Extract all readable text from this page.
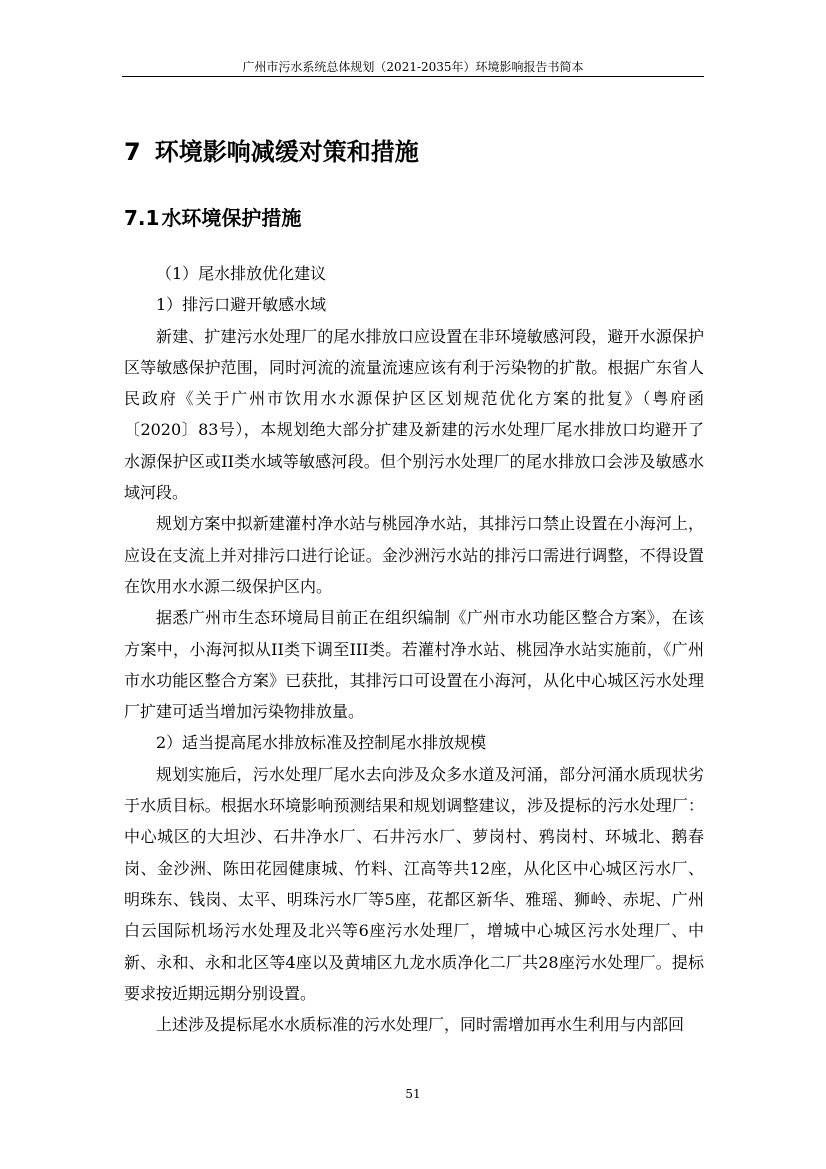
广州市污水系统总体规划（2021-2035年）环境影响报告书简本
7 环境影响减缓对策和措施
7.1 水环境保护措施

（1）尾水排放优化建议

1）排污口避开敏感水域

新建、扩建污水处理厂的尾水排放口应设置在非环境敏感河段，避开水源保护区等敏感保护范围，同时河流的流量流速应该有利于污染物的扩散。根据广东省人民政府《关于广州市饮用水水源保护区区划规范优化方案的批复》（粤府函〔2020〕83号），本规划绝大部分扩建及新建的污水处理厂尾水排放口均避开了水源保护区或II类水域等敏感河段。但个别污水处理厂的尾水排放口会涉及敏感水域河段。

规划方案中拟新建灌村净水站与桃园净水站，其排污口禁止设置在小海河上，应设在支流上并对排污口进行论证。金沙洲污水站的排污口需进行调整，不得设置在饮用水水源二级保护区内。

据悉广州市生态环境局目前正在组织编制《广州市水功能区整合方案》，在该方案中，小海河拟从II类下调至III类。若灌村净水站、桃园净水站实施前，《广州市水功能区整合方案》已获批，其排污口可设置在小海河，从化中心城区污水处理厂扩建可适当增加污染物排放量。

2）适当提高尾水排放标准及控制尾水排放规模

规划实施后，污水处理厂尾水去向涉及众多水道及河涌，部分河涌水质现状劣于水质目标。根据水环境影响预测结果和规划调整建议，涉及提标的污水处理厂：中心城区的大坦沙、石井净水厂、石井污水厂、萝岗村、鸦岗村、环城北、鹅春岗、金沙洲、陈田花园健康城、竹料、江高等共12座，从化区中心城区污水厂、明珠东、钱岗、太平、明珠污水厂等5座，花都区新华、雅瑶、狮岭、赤坭、广州白云国际机场污水处理及北兴等6座污水处理厂，增城中心城区污水处理厂、中新、永和、永和北区等4座以及黄埔区九龙水质净化二厂共28座污水处理厂。提标要求按近期远期分别设置。

上述涉及提标尾水水质标准的污水处理厂，同时需增加再水生利用与内部回

51
